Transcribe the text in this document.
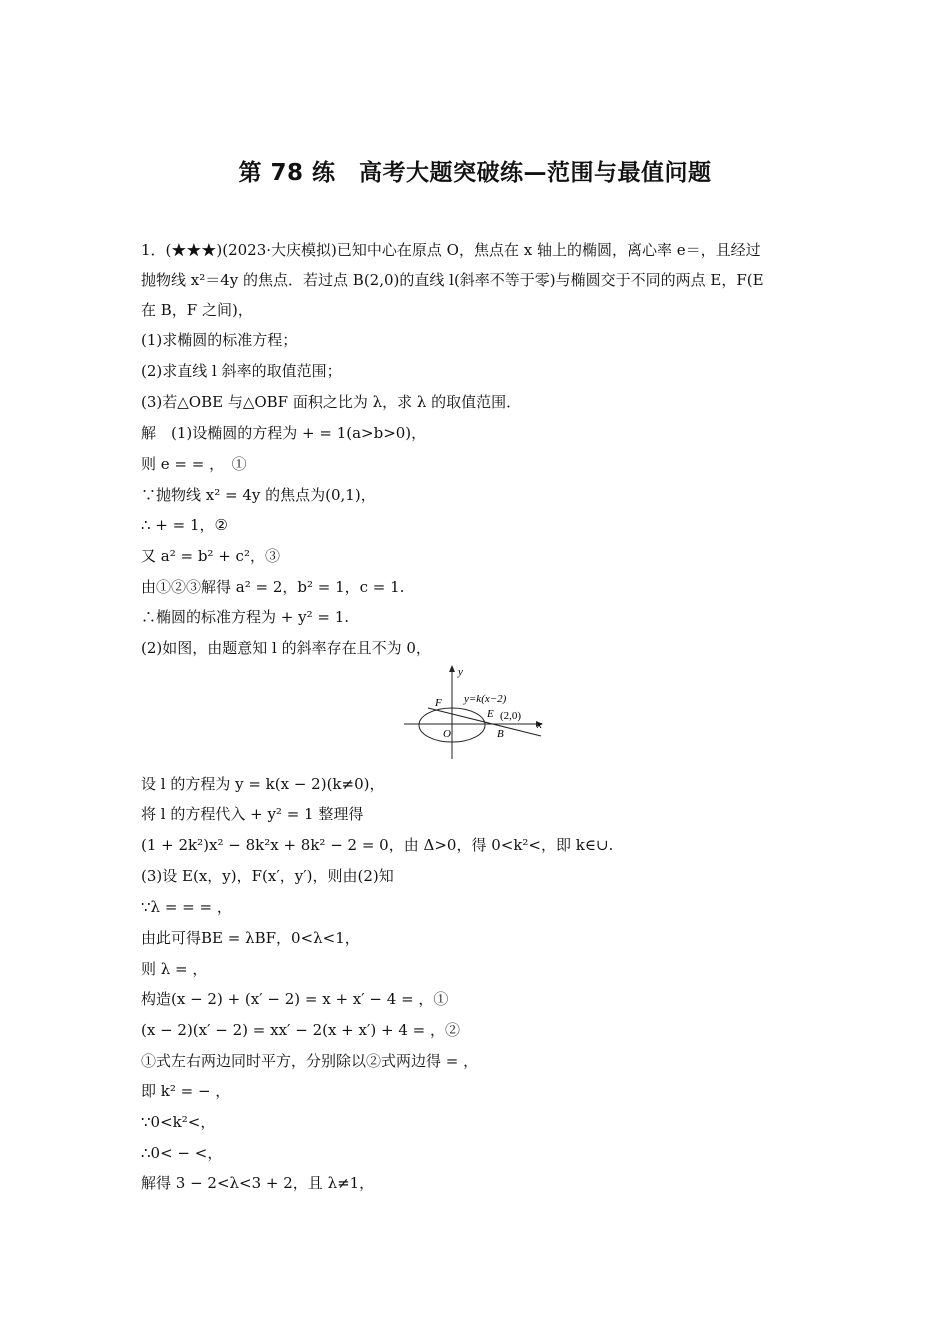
第 78 练　高考大题突破练—范围与最值问题
1．(★★★)(2023·大庆模拟)已知中心在原点 O，焦点在 x 轴上的椭圆，离心率 e＝，且经过
抛物线 x²＝4y 的焦点．若过点 B(2,0)的直线 l(斜率不等于零)与椭圆交于不同的两点 E，F(E
在 B，F 之间)，
(1)求椭圆的标准方程；
(2)求直线 l 斜率的取值范围；
(3)若△OBE 与△OBF 面积之比为 λ，求 λ 的取值范围．
解　(1)设椭圆的方程为 + = 1(a>b>0)，
则 e = = ，　①
∵抛物线 x² = 4y 的焦点为(0,1)，
∴ + = 1，②
又 a² = b² + c²，③
由①②③解得 a² = 2，b² = 1，c = 1.
∴椭圆的标准方程为 + y² = 1.
(2)如图，由题意知 l 的斜率存在且不为 0，
设 l 的方程为 y = k(x − 2)(k≠0)，
将 l 的方程代入 + y² = 1 整理得
(1 + 2k²)x² − 8k²x + 8k² − 2 = 0，由 Δ>0，得 0<k²<，即 k∈∪.
(3)设 E(x，y)，F(x′，y′)，则由(2)知
∵λ = = = ，
由此可得BE = λBF，0<λ<1，
则 λ = ，
构造(x − 2) + (x′ − 2) = x + x′ − 4 = ，①
(x − 2)(x′ − 2) = xx′ − 2(x + x′) + 4 = ，②
①式左右两边同时平方，分别除以②式两边得 = ，
即 k² = − ，
∵0<k²<，
∴0< − <，
解得 3 − 2<λ<3 + 2，且 λ≠1，
y
x
y=k(x−2)
F
E (2,0)
O	B
